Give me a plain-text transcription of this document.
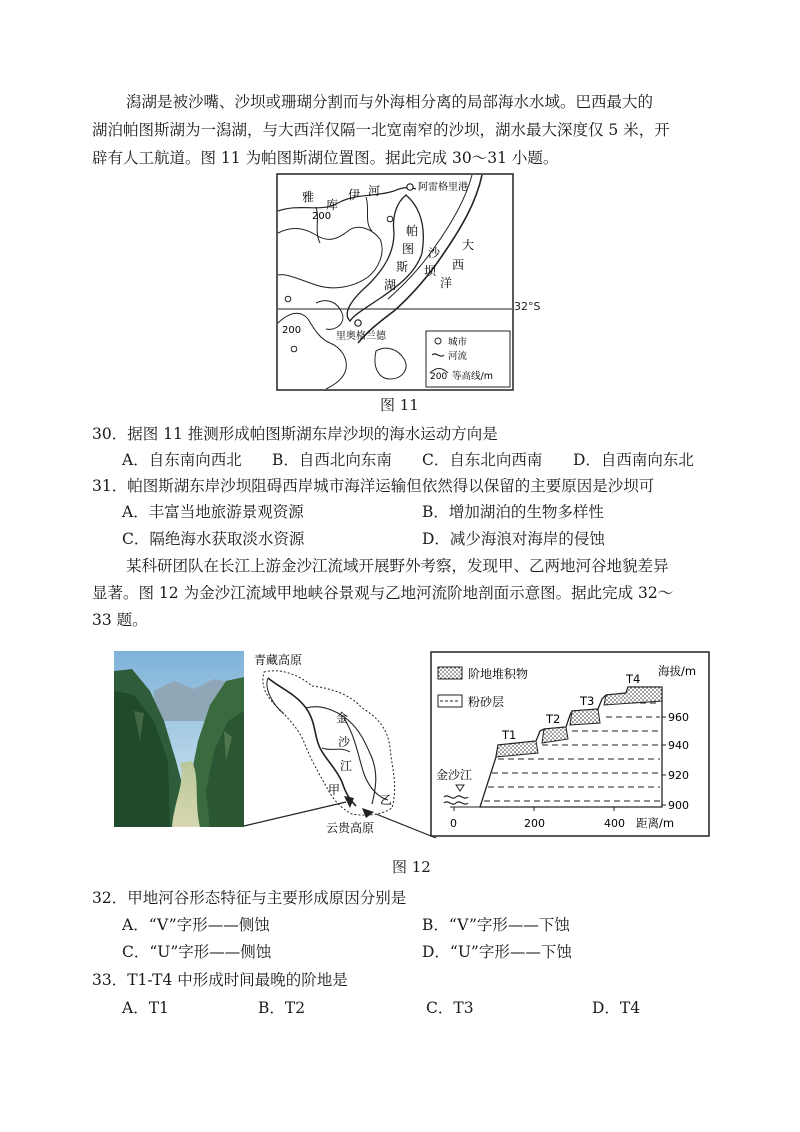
潟湖是被沙嘴、沙坝或珊瑚分割而与外海相分离的局部海水水域。巴西最大的
湖泊帕图斯湖为一潟湖，与大西洋仅隔一北宽南窄的沙坝，湖水最大深度仅 5 米，开
辟有人工航道。图 11 为帕图斯湖位置图。据此完成 30～31 小题。
雅
库
伊 河	阿雷格里港
200
帕
图 沙
大
斯 坝 西
湖	洋
200
里奥格兰德
城市
河流
200 等高线/m
32°S
图 11
30．据图 11 推测形成帕图斯湖东岸沙坝的海水运动方向是
A．自东南向西北 B．自西北向东南 C．自东北向西南 D．自西南向东北
31．帕图斯湖东岸沙坝阻碍西岸城市海洋运输但依然得以保留的主要原因是沙坝可
A．丰富当地旅游景观资源	B．增加湖泊的生物多样性
C．隔绝海水获取淡水资源	D．减少海浪对海岸的侵蚀
某科研团队在长江上游金沙江流域开展野外考察，发现甲、乙两地河谷地貌差异
显著。图 12 为金沙江流域甲地峡谷景观与乙地河流阶地剖面示意图。据此完成 32～
33 题。
青藏高原
金
沙
江
甲
乙
云贵高原
阶地堆积物
粉砂层
金沙江
T1
T2
T3
T4
海拔/m
960
940
920
900
0	200	400 距离/m
图 12
32．甲地河谷形态特征与主要形成原因分别是
A．“V”字形——侧蚀	B．“V”字形——下蚀
C．“U”字形——侧蚀	D．“U”字形——下蚀
33．T1-T4 中形成时间最晚的阶地是
A．T1	B．T2	C．T3	D．T4
